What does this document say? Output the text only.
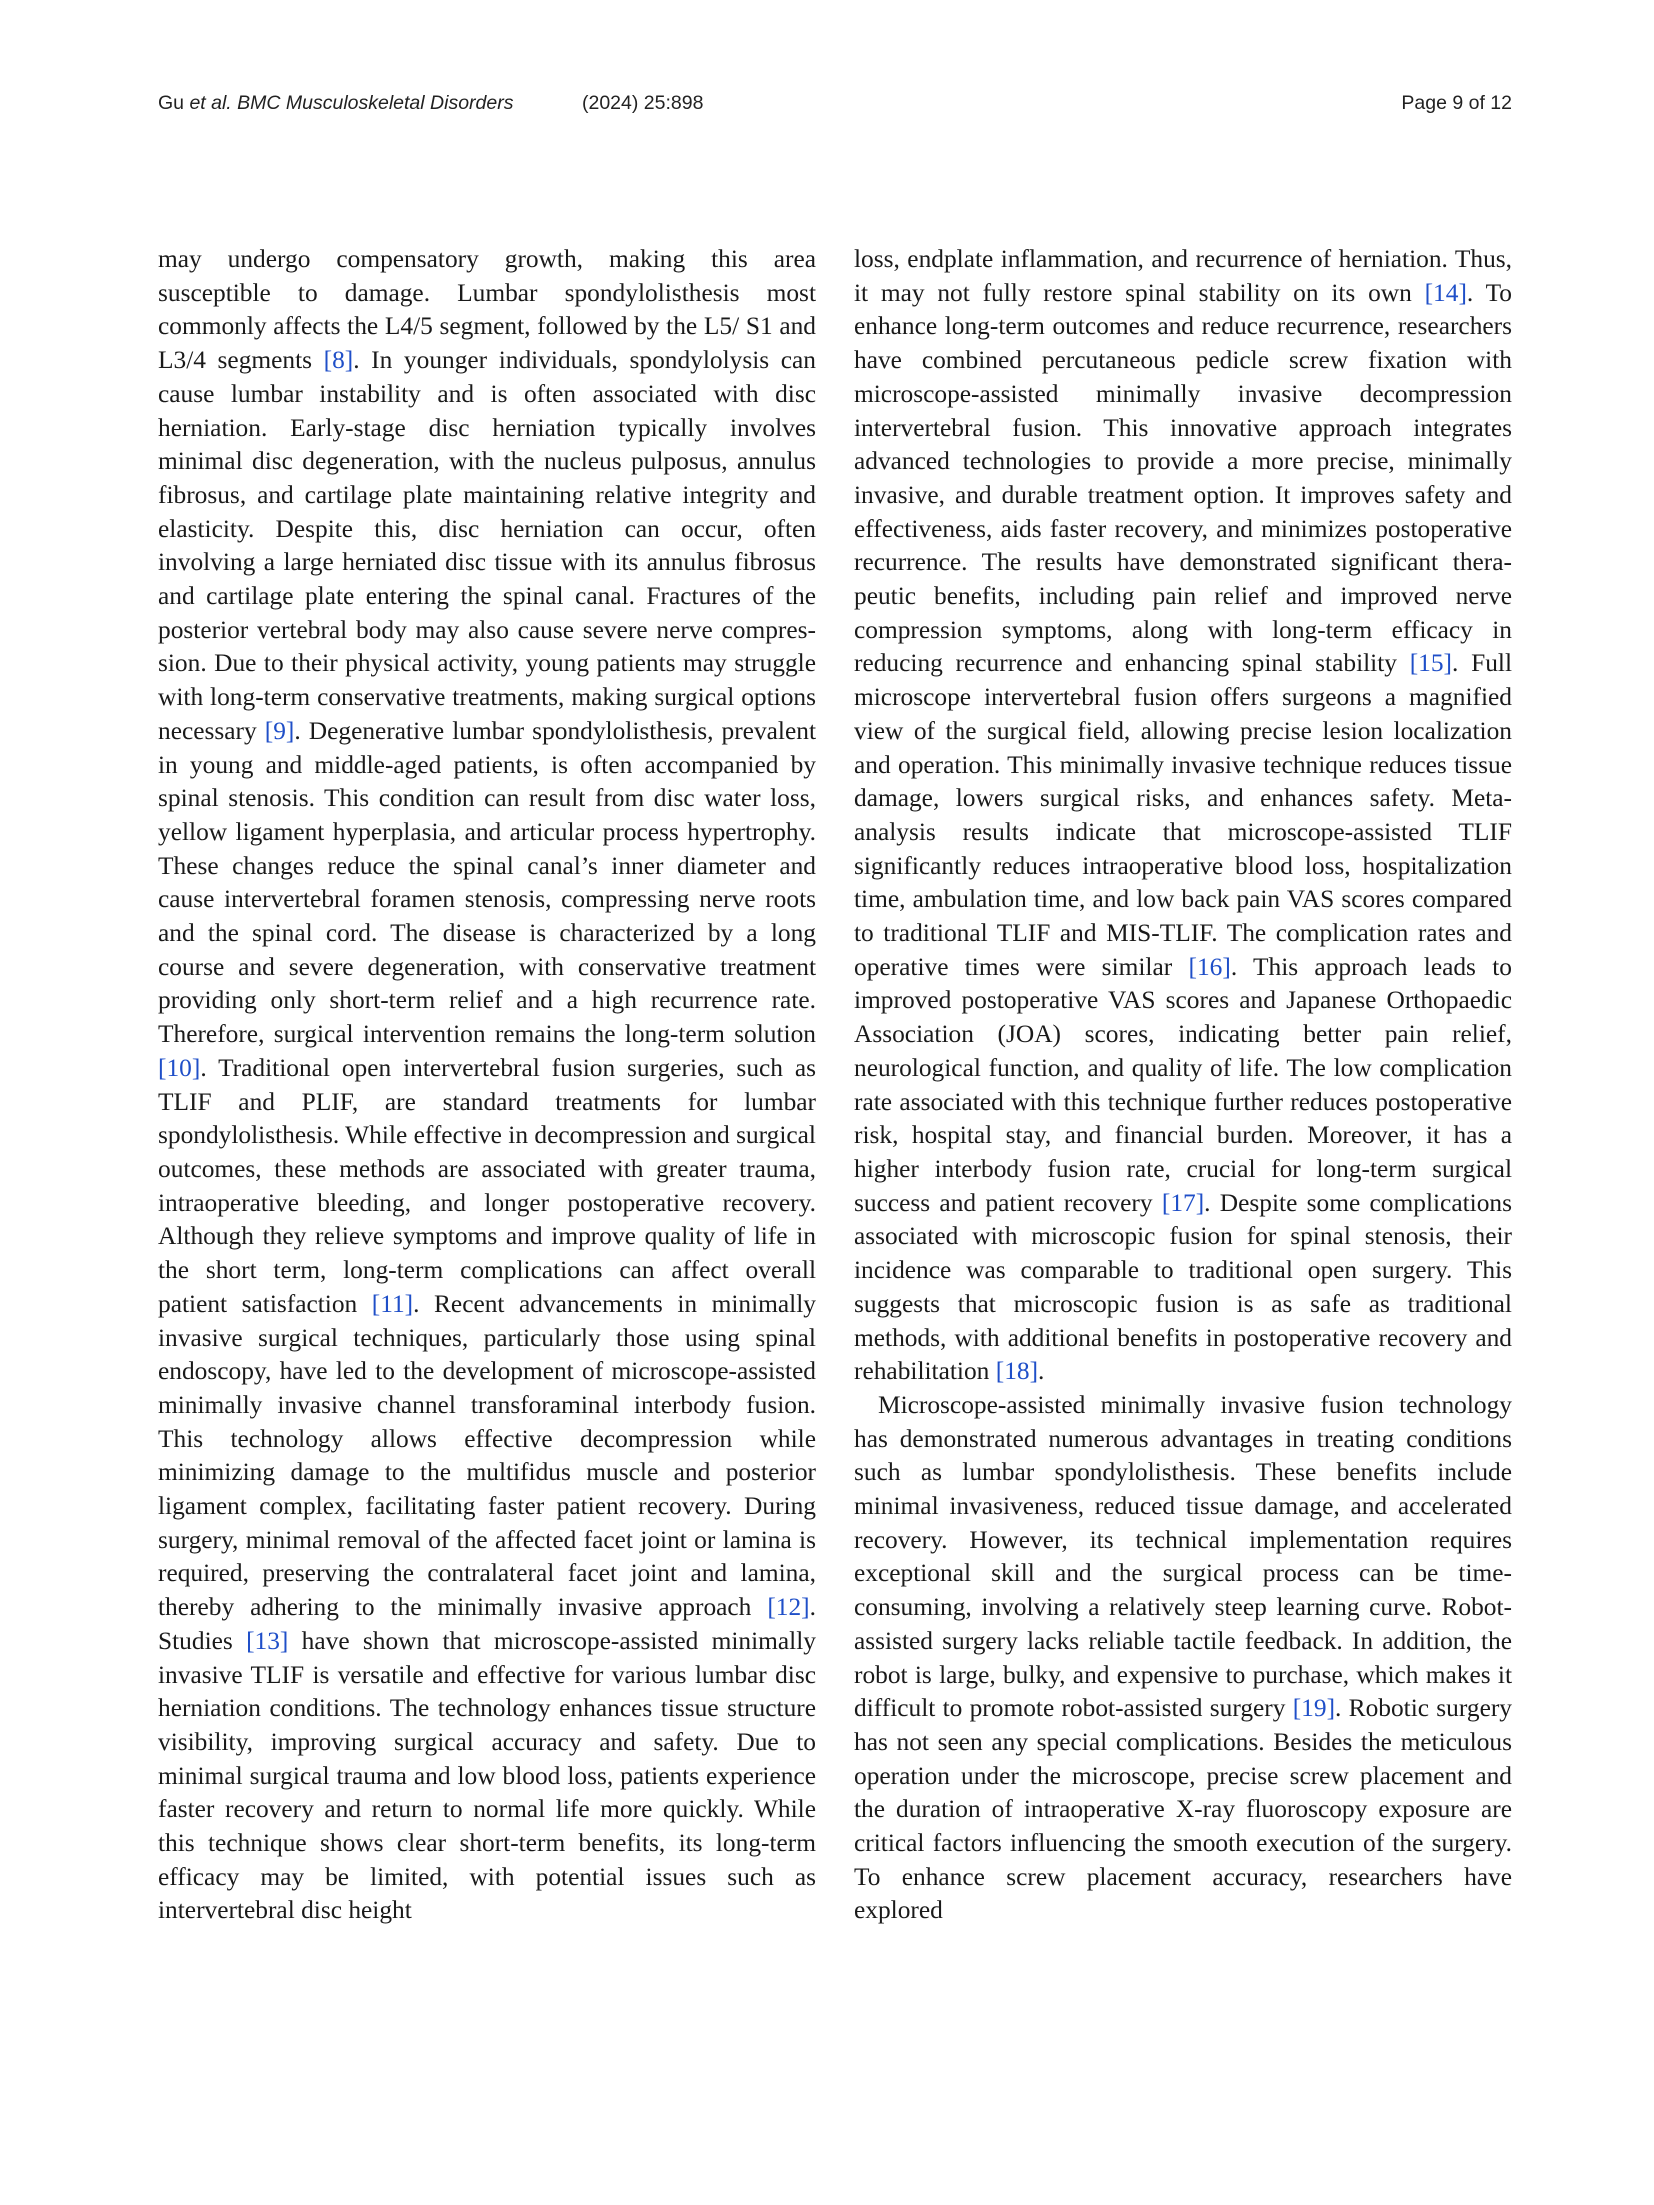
Gu et al. BMC Musculoskeletal Disorders	(2024) 25:898	Page 9 of 12

may undergo compensatory growth, making this area susceptible to damage. Lumbar spondylolisthesis most commonly affects the L4/5 segment, followed by the L5/ S1 and L3/4 segments [8]. In younger individuals, spondylolysis can cause lumbar instability and is often associated with disc herniation. Early-stage disc herniation typically involves minimal disc degeneration, with the nucleus pulposus, annulus fibrosus, and cartilage plate maintaining relative integrity and elasticity. Despite this, disc herniation can occur, often involving a large herniated disc tissue with its annulus fibrosus and cartilage plate entering the spinal canal. Fractures of the posterior vertebral body may also cause severe nerve compression. Due to their physical activity, young patients may struggle with long-term conservative treatments, making surgical options necessary [9]. Degenerative lumbar spondylolisthesis, prevalent in young and middle-aged patients, is often accompanied by spinal stenosis. This condition can result from disc water loss, yellow ligament hyperplasia, and articular process hypertrophy. These changes reduce the spinal canal’s inner diameter and cause intervertebral foramen stenosis, compressing nerve roots and the spinal cord. The disease is characterized by a long course and severe degeneration, with conservative treatment providing only short-term relief and a high recurrence rate. Therefore, surgical intervention remains the long-term solution [10]. Traditional open intervertebral fusion surgeries, such as TLIF and PLIF, are standard treatments for lumbar spondylolisthesis. While effective in decompression and surgical outcomes, these methods are associated with greater trauma, intraoperative bleeding, and longer postoperative recovery. Although they relieve symptoms and improve quality of life in the short term, long-term complications can affect overall patient satisfaction [11]. Recent advancements in minimally invasive surgical techniques, particularly those using spinal endoscopy, have led to the development of microscope-assisted minimally invasive channel transforaminal interbody fusion. This technology allows effective decompression while minimizing damage to the multifidus muscle and posterior ligament complex, facilitating faster patient recovery. During surgery, minimal removal of the affected facet joint or lamina is required, preserving the contralateral facet joint and lamina, thereby adhering to the minimally invasive approach [12]. Studies [13] have shown that microscope-assisted minimally invasive TLIF is versatile and effective for various lumbar disc herniation conditions. The technology enhances tissue structure visibility, improving surgical accuracy and safety. Due to minimal surgical trauma and low blood loss, patients experience faster recovery and return to normal life more quickly. While this technique shows clear short-term benefits, its long-term efficacy may be limited, with potential issues such as intervertebral disc height

loss, endplate inflammation, and recurrence of herniation. Thus, it may not fully restore spinal stability on its own [14]. To enhance long-term outcomes and reduce recurrence, researchers have combined percutaneous pedicle screw fixation with microscope-assisted minimally invasive decompression intervertebral fusion. This innovative approach integrates advanced technologies to provide a more precise, minimally invasive, and durable treatment option. It improves safety and effectiveness, aids faster recovery, and minimizes postoperative recurrence. The results have demonstrated significant therapeutic benefits, including pain relief and improved nerve compression symptoms, along with long-term efficacy in reducing recurrence and enhancing spinal stability [15]. Full microscope intervertebral fusion offers surgeons a magnified view of the surgical field, allowing precise lesion localization and operation. This minimally invasive technique reduces tissue damage, lowers surgical risks, and enhances safety. Meta-analysis results indicate that microscope-assisted TLIF significantly reduces intraoperative blood loss, hospitalization time, ambulation time, and low back pain VAS scores compared to traditional TLIF and MIS-TLIF. The complication rates and operative times were similar [16]. This approach leads to improved postoperative VAS scores and Japanese Orthopaedic Association (JOA) scores, indicating better pain relief, neurological function, and quality of life. The low complication rate associated with this technique further reduces postoperative risk, hospital stay, and financial burden. Moreover, it has a higher interbody fusion rate, crucial for long-term surgical success and patient recovery [17]. Despite some complications associated with microscopic fusion for spinal stenosis, their incidence was comparable to traditional open surgery. This suggests that microscopic fusion is as safe as traditional methods, with additional benefits in postoperative recovery and rehabilitation [18].

Microscope-assisted minimally invasive fusion technology has demonstrated numerous advantages in treating conditions such as lumbar spondylolisthesis. These benefits include minimal invasiveness, reduced tissue damage, and accelerated recovery. However, its technical implementation requires exceptional skill and the surgical process can be time-consuming, involving a relatively steep learning curve. Robot-assisted surgery lacks reliable tactile feedback. In addition, the robot is large, bulky, and expensive to purchase, which makes it difficult to promote robot-assisted surgery [19]. Robotic surgery has not seen any special complications. Besides the meticulous operation under the microscope, precise screw placement and the duration of intraoperative X-ray fluoroscopy exposure are critical factors influencing the smooth execution of the surgery. To enhance screw placement accuracy, researchers have explored
